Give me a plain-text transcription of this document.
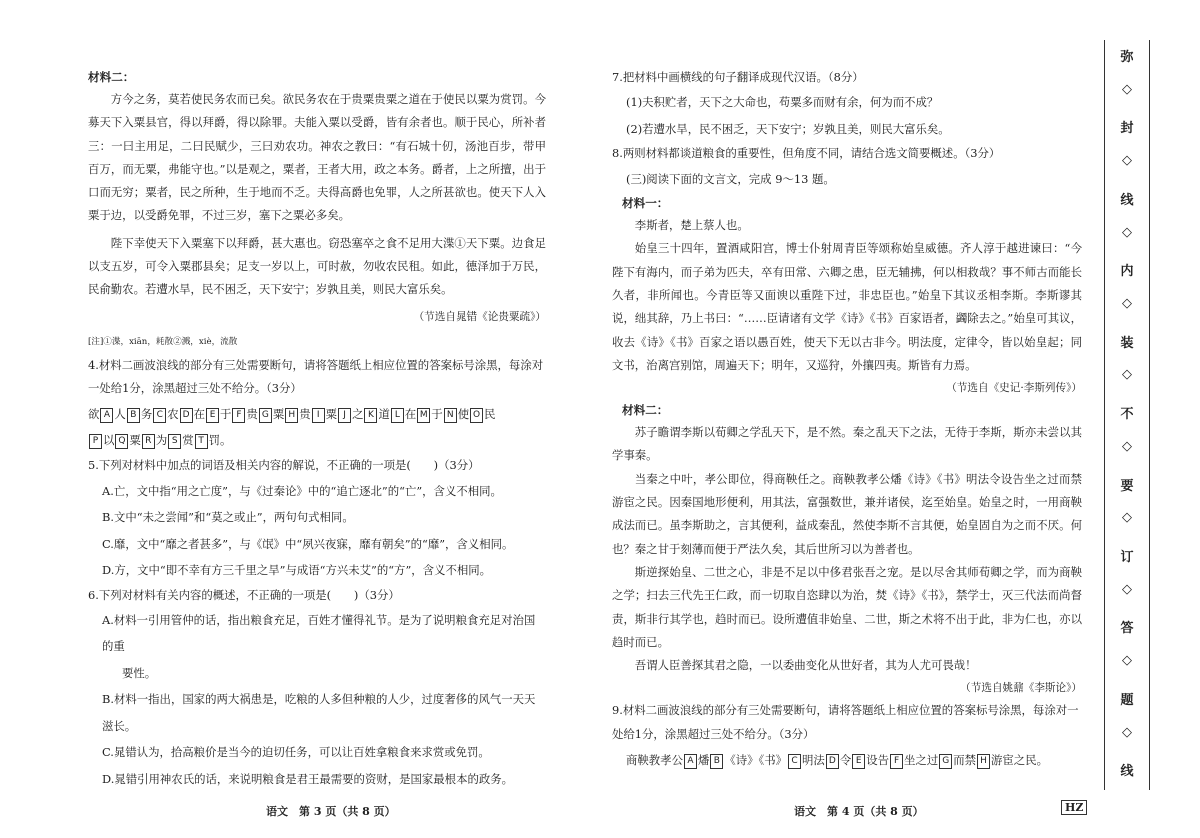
材料二：

方今之务，莫若使民务农而已矣。欲民务农在于贵粟贵粟之道在于使民以粟为赏罚。今募天下入粟县官，得以拜爵，得以除罪。夫能入粟以受爵，皆有余者也。顺于民心，所补者三：一曰主用足，二曰民赋少，三曰劝农功。神农之教曰：“有石城十仞，汤池百步，带甲百万，而无粟，弗能守也。”以是观之，粟者，王者大用，政之本务。爵者，上之所擅，出于口而无穷；粟者，民之所种，生于地而不乏。夫得高爵也免罪，人之所甚欲也。使天下人入粟于边，以受爵免罪，不过三岁，塞下之粟必多矣。

陛下幸使天下入粟塞下以拜爵，甚大惠也。窃恐塞卒之食不足用大渫①天下粟。边食足以支五岁，可令入粟郡县矣；足支一岁以上，可时赦，勿收农民租。如此，德泽加于万民，民俞勤农。若遭水旱，民不困乏，天下安宁；岁孰且美，则民大富乐矣。

（节选自晁错《论贵粟疏》）

[注]①渫，xiān，耗散②溅，xiè，流散

4.材料二画波浪线的部分有三处需要断句，请将答题纸上相应位置的答案标号涂黑，每涂对一处给1分，涂黑超过三处不给分。（3分）

欲 A 人 B 务 C 农 D 在 E 于 F 贵 G 粟 H 贵 I 粟 J 之 K 道 L 在 M 于 N 使 O 民
P 以 Q 粟 R 为 S 赏 T 罚。

5.下列对材料中加点的词语及相关内容的解说，不正确的一项是(　　)（3分）

A.亡，文中指“用之亡度”，与《过秦论》中的“追亡逐北”的“亡”，含义不相同。

B.文中“未之尝闻”和“莫之或止”，两句句式相同。

C.靡，文中“靡之者甚多”，与《氓》中“夙兴夜寐，靡有朝矣”的“靡”，含义相同。

D.方，文中“即不幸有方三千里之旱”与成语“方兴未艾”的“方”，含义不相同。

6.下列对材料有关内容的概述，不正确的一项是(　　)（3分）

A.材料一引用管仲的话，指出粮食充足，百姓才懂得礼节。是为了说明粮食充足对治国的重

要性。

B.材料一指出，国家的两大祸患是，吃粮的人多但种粮的人少，过度奢侈的风气一天天滋长。

C.晁错认为，拾高粮价是当今的迫切任务，可以让百姓拿粮食来求赏或免罚。

D.晁错引用神农氏的话，来说明粮食是君王最需要的资财，是国家最根本的政务。

语文　第 3 页（共 8 页）

7.把材料中画横线的句子翻译成现代汉语。（8分）

(1)夫积贮者，天下之大命也，苟粟多而财有余，何为而不成？

(2)若遭水旱，民不困乏，天下安宁；岁孰且美，则民大富乐矣。

8.两则材料都谈道粮食的重要性，但角度不同，请结合选文简要概述。（3分）

(三)阅读下面的文言文，完成 9～13 题。

材料一：

李斯者，楚上蔡人也。

始皇三十四年，置酒咸阳宫，博士仆射周青臣等颂称始皇威德。齐人淳于越进谏曰：“今陛下有海内，而子弟为匹夫，卒有田常、六卿之患，臣无辅拂，何以相救哉？事不师古而能长久者，非所闻也。今青臣等又面谀以重陛下过，非忠臣也。”始皇下其议丞相李斯。李斯谬其说，绌其辞，乃上书曰：“……臣请诸有文学《诗》《书》百家语者，蠲除去之。”始皇可其议，收去《诗》《书》百家之语以愚百姓，使天下无以古非今。明法度，定律令，皆以始皇起；同文书，治离宫别馆，周遍天下；明年，又巡狩，外攘四夷。斯皆有力焉。

（节选自《史记·李斯列传》）

材料二：

苏子瞻谓李斯以荀卿之学乱天下，是不然。秦之乱天下之法，无待于李斯，斯亦未尝以其学事秦。

当秦之中叶，孝公即位，得商鞅任之。商鞅教孝公燔《诗》《书》明法令设告坐之过而禁游宦之民。因秦国地形便利，用其法，富强数世，兼并诸侯，迄至始皇。始皇之时，一用商鞅成法而已。虽李斯助之，言其便利，益成秦乱，然使李斯不言其便，始皇固自为之而不厌。何也？秦之甘于刻薄而便于严法久矣，其后世所习以为善者也。

斯逆探始皇、二世之心，非是不足以中侈君张吾之宠。是以尽舍其师荀卿之学，而为商鞅之学；扫去三代先王仁政，而一切取自恣肆以为治，焚《诗》《书》，禁学士，灭三代法而尚督责，斯非行其学也，趋时而已。设所遭值非始皇、二世，斯之术将不出于此，非为仁也，亦以趋时而已。

吾谓人臣善探其君之隐，一以委曲变化从世好者，其为人尤可畏哉！

（节选自姚鼐《李斯论》）

9.材料二画波浪线的部分有三处需要断句，请将答题纸上相应位置的答案标号涂黑，每涂对一处给1分，涂黑超过三处不给分。（3分）

商鞅教孝公 A 燔 B 《诗》《书》 C 明法 D 令 E 设告 F 坐之过 G 而禁 H 游宦之民。
语文　第 4 页（共 8 页）	HZ
弥
◇
封
◇
线
◇
内
◇
装
◇
不
◇
要
◇
订
◇
答
◇
题
◇
线
